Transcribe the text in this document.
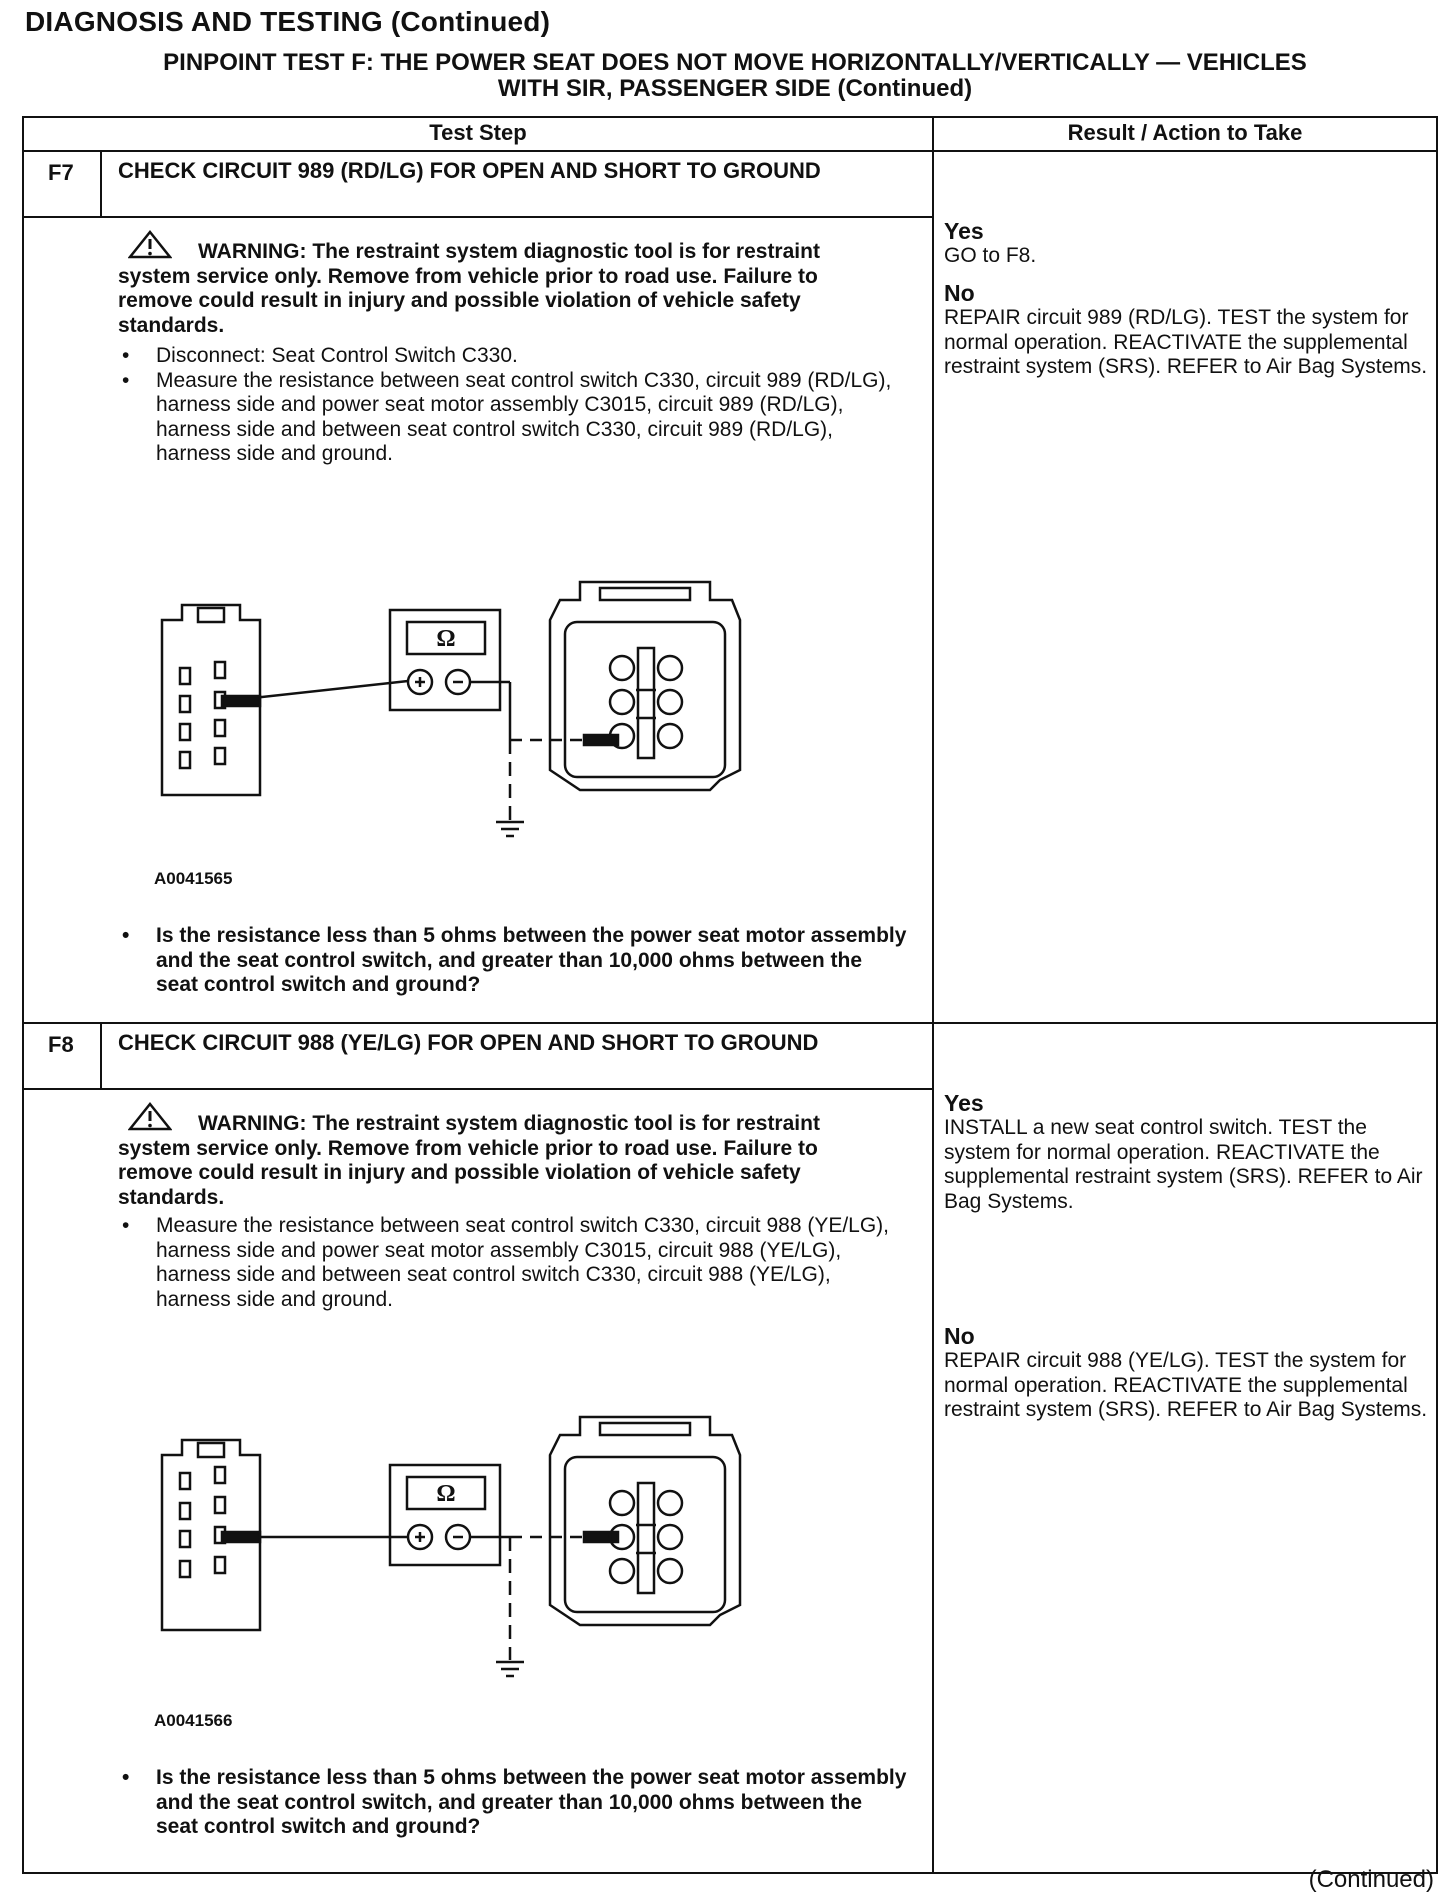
DIAGNOSIS AND TESTING (Continued)
PINPOINT TEST F: THE POWER SEAT DOES NOT MOVE HORIZONTALLY/VERTICALLY — VEHICLES
WITH SIR, PASSENGER SIDE (Continued)
Test Step	Result / Action to Take
F7 CHECK CIRCUIT 989 (RD/LG) FOR OPEN AND SHORT TO GROUND
WARNING: The restraint system diagnostic tool is for restraint system service only. Remove from vehicle prior to road use. Failure to remove could result in injury and possible violation of vehicle safety standards.
• Disconnect: Seat Control Switch C330.
• Measure the resistance between seat control switch C330, circuit 989 (RD/LG), harness side and power seat motor assembly C3015, circuit 989 (RD/LG), harness side and between seat control switch C330, circuit 989 (RD/LG), harness side and ground.
Ω
A0041565
• Is the resistance less than 5 ohms between the power seat motor assembly and the seat control switch, and greater than 10,000 ohms between the seat control switch and ground?
Yes
GO to F8.
No
REPAIR circuit 989 (RD/LG). TEST the system for normal operation. REACTIVATE the supplemental restraint system (SRS). REFER to Air Bag Systems.
F8 CHECK CIRCUIT 988 (YE/LG) FOR OPEN AND SHORT TO GROUND
WARNING: The restraint system diagnostic tool is for restraint system service only. Remove from vehicle prior to road use. Failure to remove could result in injury and possible violation of vehicle safety standards.
• Measure the resistance between seat control switch C330, circuit 988 (YE/LG), harness side and power seat motor assembly C3015, circuit 988 (YE/LG), harness side and between seat control switch C330, circuit 988 (YE/LG), harness side and ground.
Ω
A0041566
• Is the resistance less than 5 ohms between the power seat motor assembly and the seat control switch, and greater than 10,000 ohms between the seat control switch and ground?
Yes
INSTALL a new seat control switch. TEST the system for normal operation. REACTIVATE the supplemental restraint system (SRS). REFER to Air Bag Systems.
No
REPAIR circuit 988 (YE/LG). TEST the system for normal operation. REACTIVATE the supplemental restraint system (SRS). REFER to Air Bag Systems.
(Continued)
